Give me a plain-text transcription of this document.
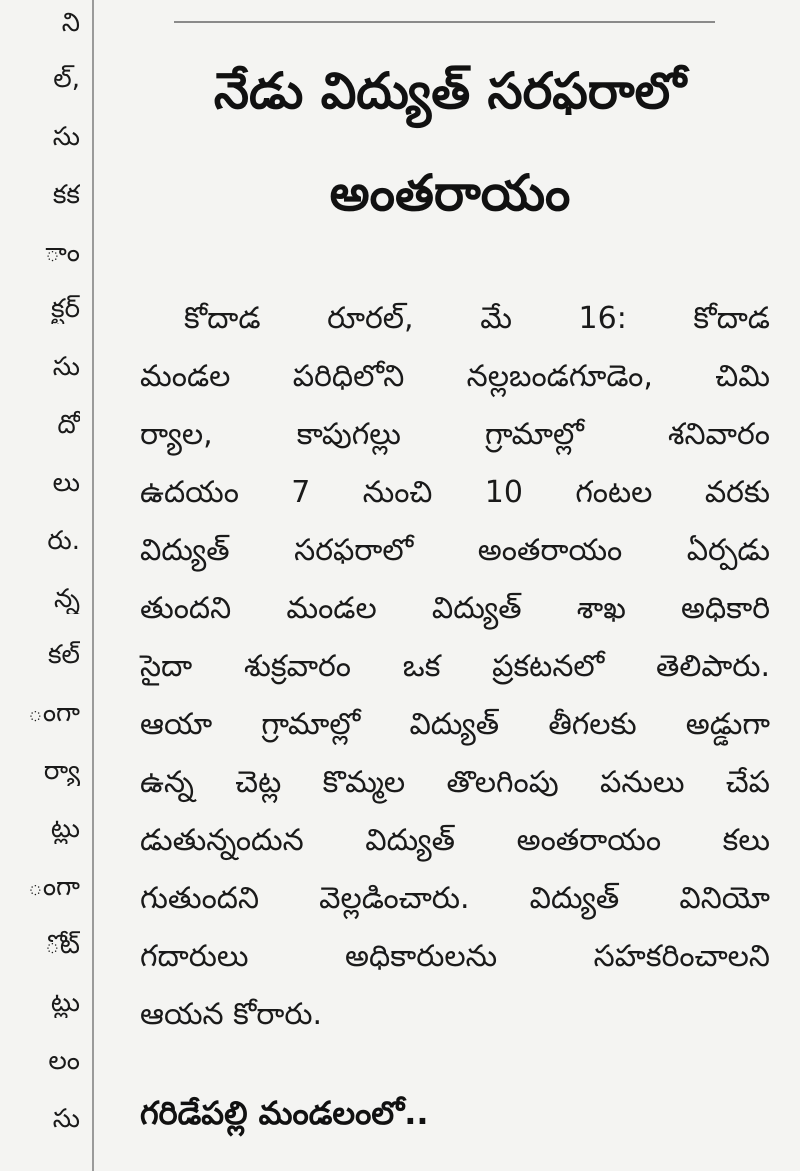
ని
ల్,
సు
కక
ాం
క్టర్
సు
దో
లు
రు.
న్న
కల్
ంగా
ర్యా
ట్లు
ంగా
ోట్
ట్లు
లం
సు
నేడు విద్యుత్ సరఫరాలో
అంతరాయం
కోదాడ రూరల్, మే 16: కోదాడ
మండల పరిధిలోని నల్లబండగూడెం, చిమి
ర్యాల, కాపుగల్లు గ్రామాల్లో శనివారం
ఉదయం 7 నుంచి 10 గంటల వరకు
విద్యుత్ సరఫరాలో అంతరాయం ఏర్పడు
తుందని మండల విద్యుత్ శాఖ అధికారి
సైదా శుక్రవారం ఒక ప్రకటనలో తెలిపారు.
ఆయా గ్రామాల్లో విద్యుత్ తీగలకు అడ్డుగా
ఉన్న చెట్ల కొమ్మల తొలగింపు పనులు చేప
డుతున్నందున విద్యుత్ అంతరాయం కలు
గుతుందని వెల్లడించారు. విద్యుత్ వినియో
గదారులు అధికారులను సహకరించాలని
ఆయన కోరారు.
గరిడేపల్లి మండలంలో..
